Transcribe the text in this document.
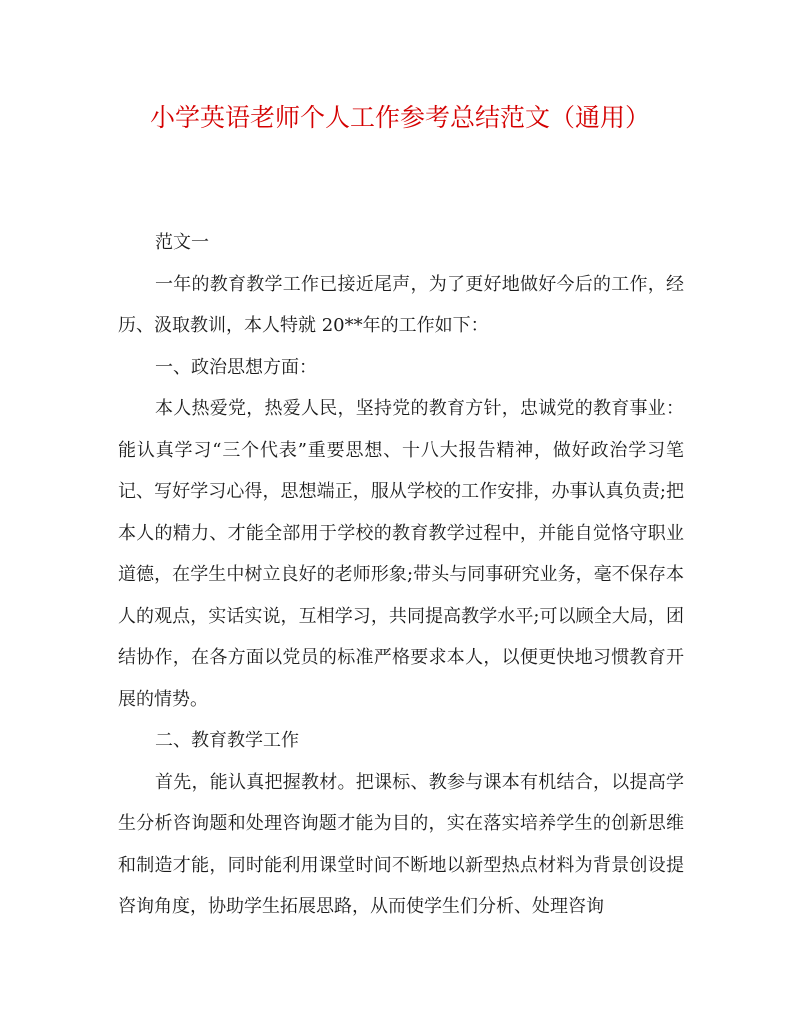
小学英语老师个人工作参考总结范文（通用）

范文一

一年的教育教学工作已接近尾声，为了更好地做好今后的工作，经历、汲取教训，本人特就 20**年的工作如下：

一、政治思想方面：

本人热爱党，热爱人民，坚持党的教育方针，忠诚党的教育事业：能认真学习“三个代表”重要思想、十八大报告精神，做好政治学习笔记、写好学习心得，思想端正，服从学校的工作安排，办事认真负责;把本人的精力、才能全部用于学校的教育教学过程中，并能自觉恪守职业道德，在学生中树立良好的老师形象;带头与同事研究业务，毫不保存本人的观点，实话实说，互相学习，共同提高教学水平;可以顾全大局，团结协作，在各方面以党员的标准严格要求本人，以便更快地习惯教育开展的情势。

二、教育教学工作

首先，能认真把握教材。把课标、教参与课本有机结合，以提高学生分析咨询题和处理咨询题才能为目的，实在落实培养学生的创新思维和制造才能，同时能利用课堂时间不断地以新型热点材料为背景创设提咨询角度，协助学生拓展思路，从而使学生们分析、处理咨询
